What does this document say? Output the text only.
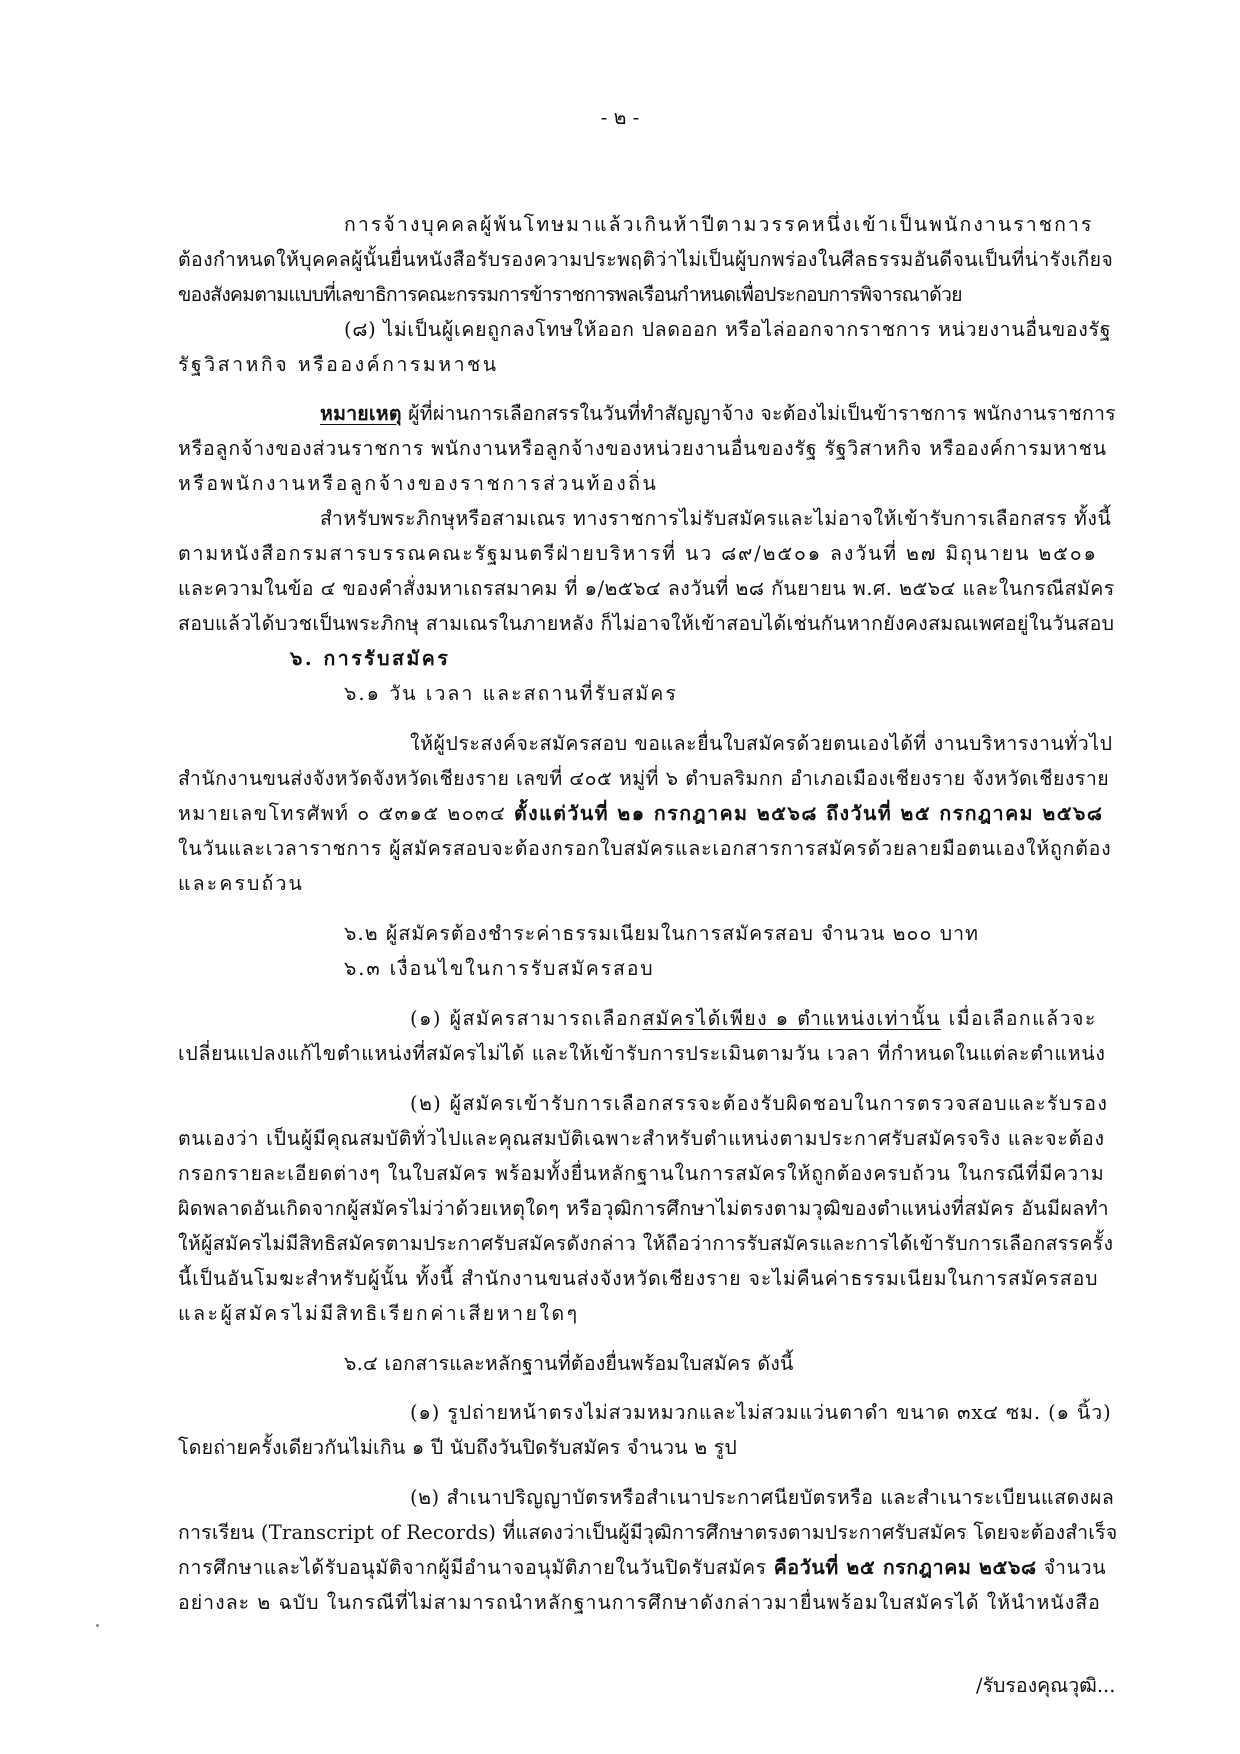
- ๒ -
การจ้างบุคคลผู้พ้นโทษมาแล้วเกินห้าปีตามวรรคหนึ่งเข้าเป็นพนักงานราชการ
ต้องกำหนดให้บุคคลผู้นั้นยื่นหนังสือรับรองความประพฤติว่าไม่เป็นผู้บกพร่องในศีลธรรมอันดีจนเป็นที่น่ารังเกียจ
ของสังคมตามแบบที่เลขาธิการคณะกรรมการข้าราชการพลเรือนกำหนดเพื่อประกอบการพิจารณาด้วย
(๘) ไม่เป็นผู้เคยถูกลงโทษให้ออก ปลดออก หรือไล่ออกจากราชการ หน่วยงานอื่นของรัฐ
รัฐวิสาหกิจ หรือองค์การมหาชน
หมายเหตุ ผู้ที่ผ่านการเลือกสรรในวันที่ทำสัญญาจ้าง จะต้องไม่เป็นข้าราชการ พนักงานราชการ
หรือลูกจ้างของส่วนราชการ พนักงานหรือลูกจ้างของหน่วยงานอื่นของรัฐ รัฐวิสาหกิจ หรือองค์การมหาชน
หรือพนักงานหรือลูกจ้างของราชการส่วนท้องถิ่น
สำหรับพระภิกษุหรือสามเณร ทางราชการไม่รับสมัครและไม่อาจให้เข้ารับการเลือกสรร ทั้งนี้
ตามหนังสือกรมสารบรรณคณะรัฐมนตรีฝ่ายบริหารที่ นว ๘๙/๒๕๐๑ ลงวันที่ ๒๗ มิถุนายน ๒๕๐๑
และความในข้อ ๔ ของคำสั่งมหาเถรสมาคม ที่ ๑/๒๕๖๔ ลงวันที่ ๒๘ กันยายน พ.ศ. ๒๕๖๔ และในกรณีสมัคร
สอบแล้วได้บวชเป็นพระภิกษุ สามเณรในภายหลัง ก็ไม่อาจให้เข้าสอบได้เช่นกันหากยังคงสมณเพศอยู่ในวันสอบ
๖. การรับสมัคร
๖.๑ วัน เวลา และสถานที่รับสมัคร
ให้ผู้ประสงค์จะสมัครสอบ ขอและยื่นใบสมัครด้วยตนเองได้ที่ งานบริหารงานทั่วไป
สำนักงานขนส่งจังหวัดจังหวัดเชียงราย เลขที่ ๔๐๕ หมู่ที่ ๖ ตำบลริมกก อำเภอเมืองเชียงราย จังหวัดเชียงราย
หมายเลขโทรศัพท์ ๐ ๕๓๑๕ ๒๐๓๔ ตั้งแต่วันที่ ๒๑ กรกฎาคม ๒๕๖๘ ถึงวันที่ ๒๕ กรกฎาคม ๒๕๖๘
ในวันและเวลาราชการ ผู้สมัครสอบจะต้องกรอกใบสมัครและเอกสารการสมัครด้วยลายมือตนเองให้ถูกต้อง
และครบถ้วน
๖.๒ ผู้สมัครต้องชำระค่าธรรมเนียมในการสมัครสอบ จำนวน ๒๐๐ บาท
๖.๓ เงื่อนไขในการรับสมัครสอบ
(๑) ผู้สมัครสามารถเลือกสมัครได้เพียง ๑ ตำแหน่งเท่านั้น เมื่อเลือกแล้วจะ
เปลี่ยนแปลงแก้ไขตำแหน่งที่สมัครไม่ได้ และให้เข้ารับการประเมินตามวัน เวลา ที่กำหนดในแต่ละตำแหน่ง
(๒) ผู้สมัครเข้ารับการเลือกสรรจะต้องรับผิดชอบในการตรวจสอบและรับรอง
ตนเองว่า เป็นผู้มีคุณสมบัติทั่วไปและคุณสมบัติเฉพาะสำหรับตำแหน่งตามประกาศรับสมัครจริง และจะต้อง
กรอกรายละเอียดต่างๆ ในใบสมัคร พร้อมทั้งยื่นหลักฐานในการสมัครให้ถูกต้องครบถ้วน ในกรณีที่มีความ
ผิดพลาดอันเกิดจากผู้สมัครไม่ว่าด้วยเหตุใดๆ หรือวุฒิการศึกษาไม่ตรงตามวุฒิของตำแหน่งที่สมัคร อันมีผลทำ
ให้ผู้สมัครไม่มีสิทธิสมัครตามประกาศรับสมัครดังกล่าว ให้ถือว่าการรับสมัครและการได้เข้ารับการเลือกสรรครั้ง
นี้เป็นอันโมฆะสำหรับผู้นั้น ทั้งนี้ สำนักงานขนส่งจังหวัดเชียงราย จะไม่คืนค่าธรรมเนียมในการสมัครสอบ
และผู้สมัครไม่มีสิทธิเรียกค่าเสียหายใดๆ
๖.๔ เอกสารและหลักฐานที่ต้องยื่นพร้อมใบสมัคร ดังนี้
(๑) รูปถ่ายหน้าตรงไม่สวมหมวกและไม่สวมแว่นตาดำ ขนาด ๓x๔ ซม. (๑ นิ้ว)
โดยถ่ายครั้งเดียวกันไม่เกิน ๑ ปี นับถึงวันปิดรับสมัคร จำนวน ๒ รูป
(๒) สำเนาปริญญาบัตรหรือสำเนาประกาศนียบัตรหรือ และสำเนาระเบียนแสดงผล
การเรียน (Transcript of Records) ที่แสดงว่าเป็นผู้มีวุฒิการศึกษาตรงตามประกาศรับสมัคร โดยจะต้องสำเร็จ
การศึกษาและได้รับอนุมัติจากผู้มีอำนาจอนุมัติภายในวันปิดรับสมัคร คือวันที่ ๒๕ กรกฎาคม ๒๕๖๘ จำนวน
อย่างละ ๒ ฉบับ ในกรณีที่ไม่สามารถนำหลักฐานการศึกษาดังกล่าวมายื่นพร้อมใบสมัครได้ ให้นำหนังสือ
/รับรองคุณวุฒิ...
